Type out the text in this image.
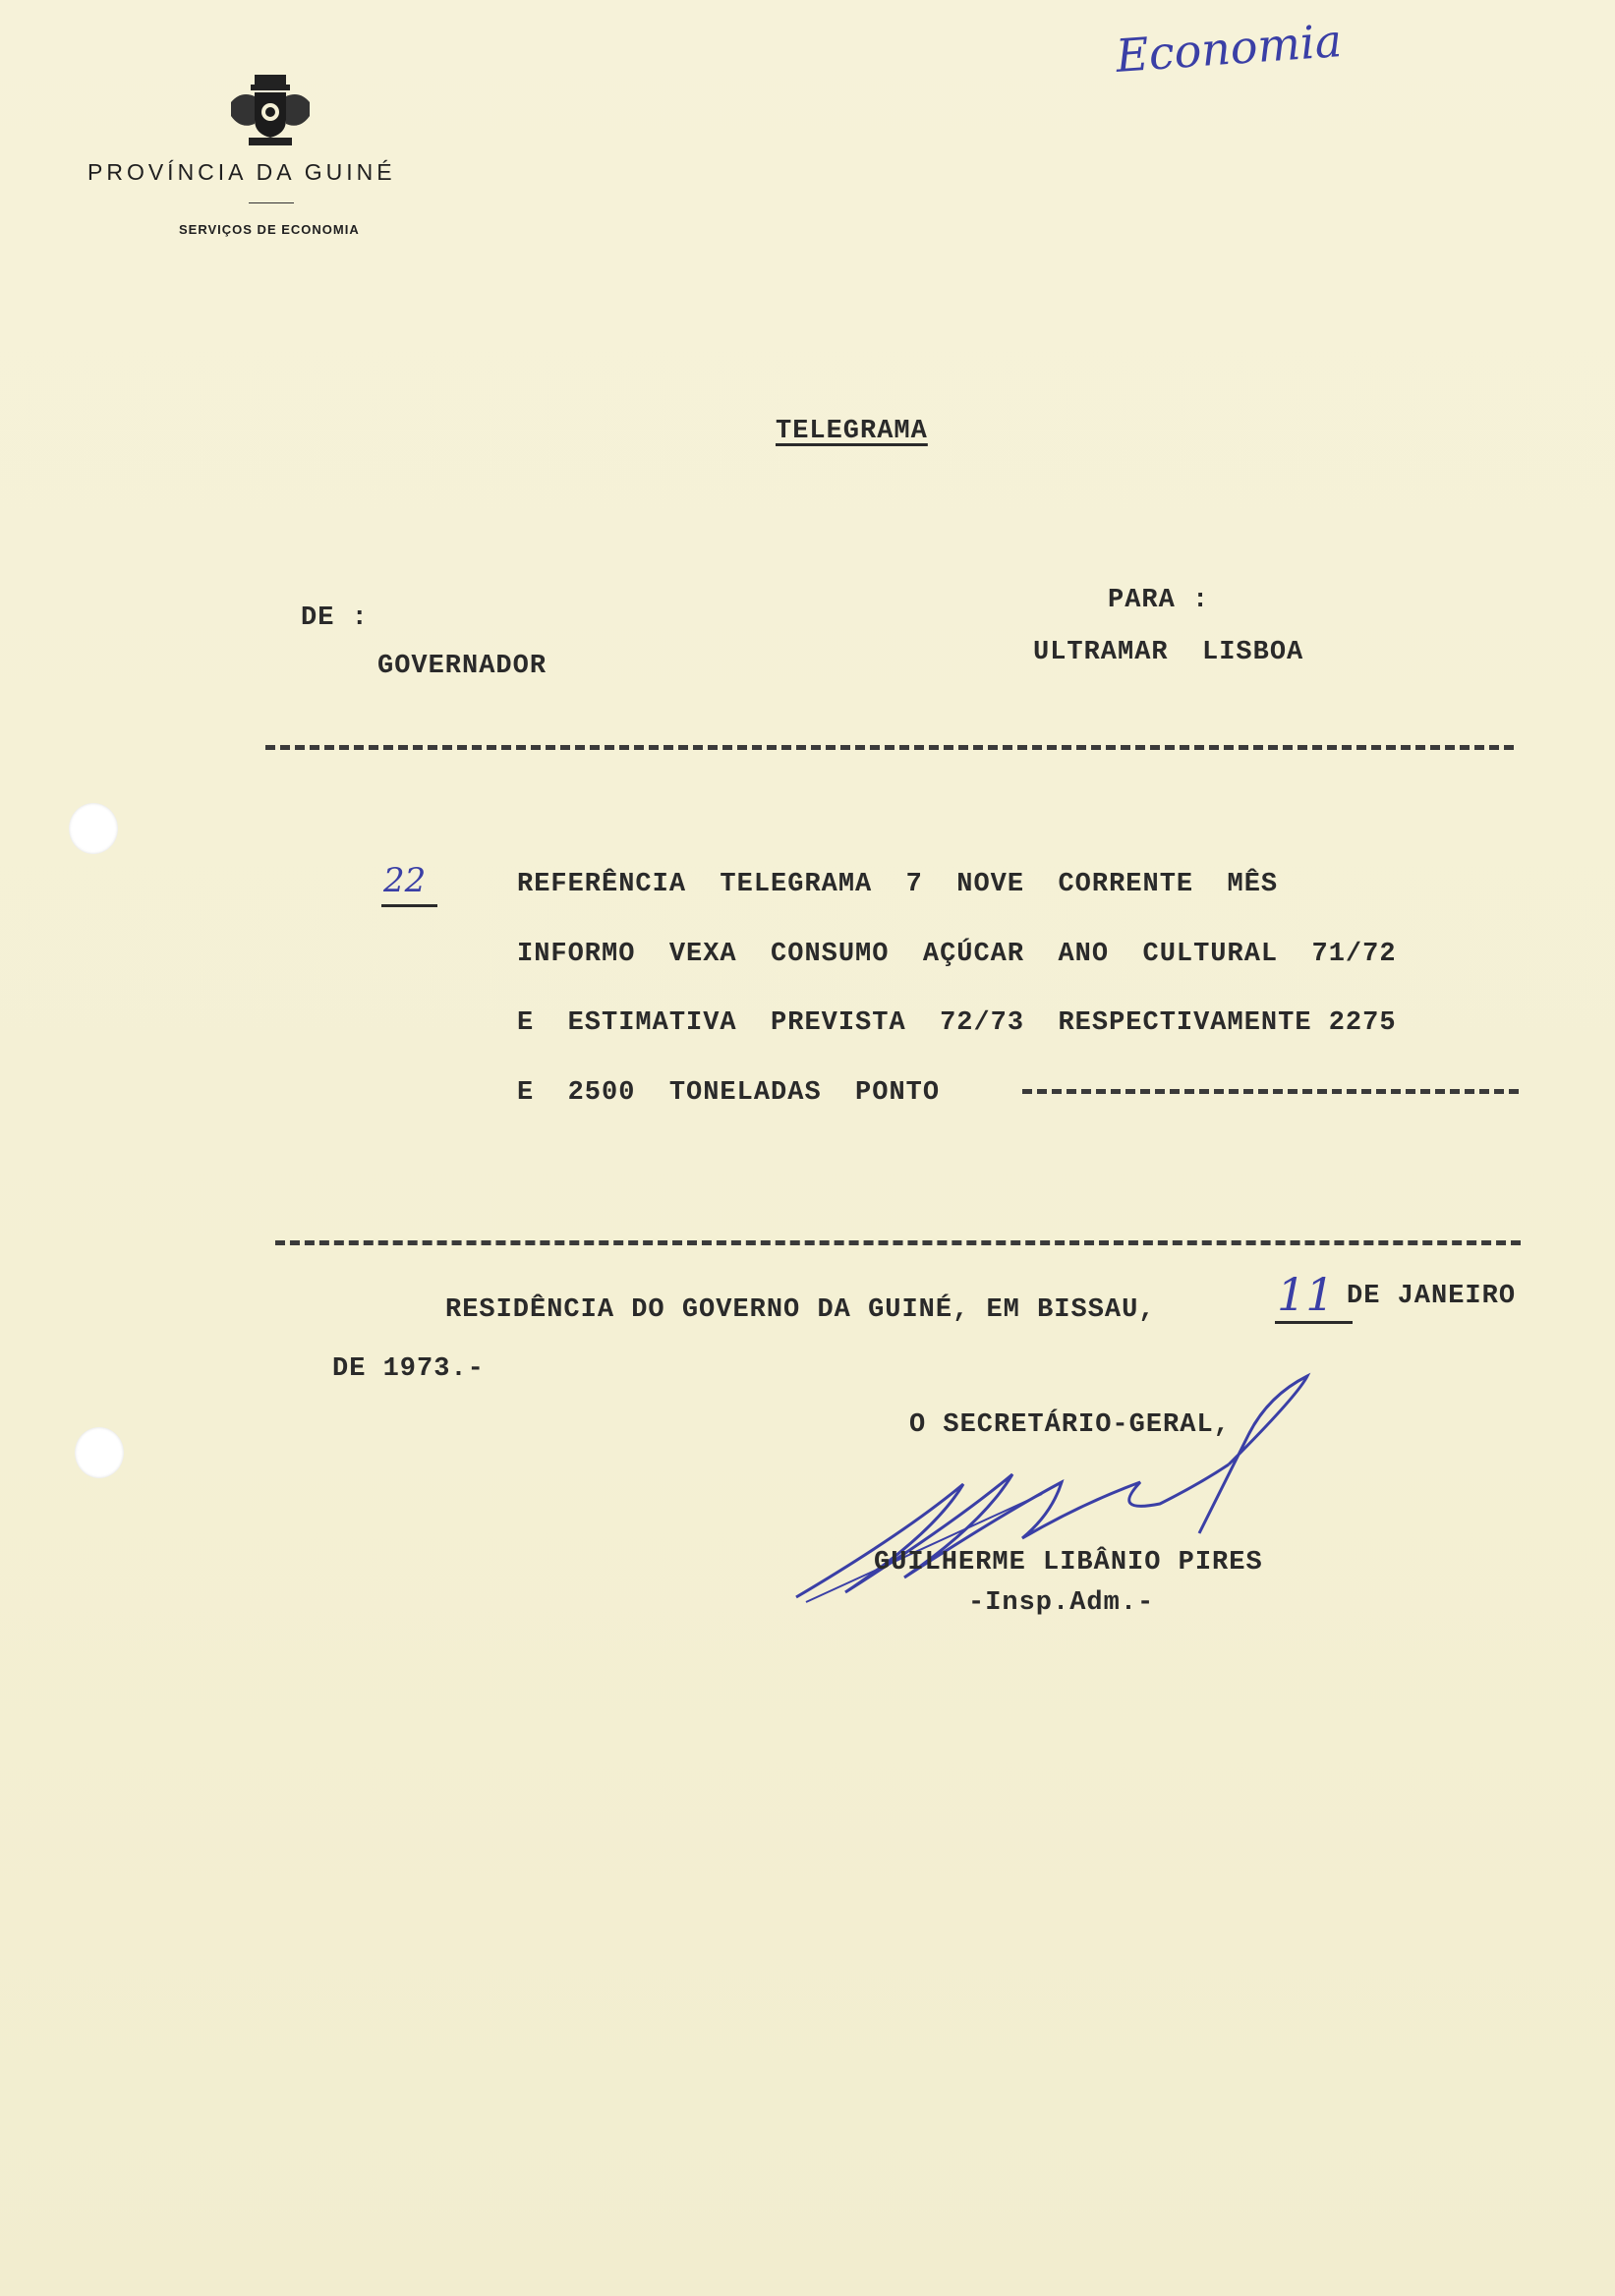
Economia
PROVÍNCIA DA GUINÉ
SERVIÇOS DE ECONOMIA
TELEGRAMA
DE :
GOVERNADOR
PARA :
ULTRAMAR  LISBOA
22	REFERÊNCIA  TELEGRAMA  7  NOVE  CORRENTE  MÊS
INFORMO  VEXA  CONSUMO  AÇÚCAR  ANO  CULTURAL  71/72
E  ESTIMATIVA  PREVISTA  72/73  RESPECTIVAMENTE 2275
E  2500  TONELADAS  PONTO
RESIDÊNCIA DO GOVERNO DA GUINÉ, EM BISSAU,	11 DE JANEIRO
DE 1973.-
O SECRETÁRIO-GERAL,
GUILHERME LIBÂNIO PIRES
-Insp.Adm.-
